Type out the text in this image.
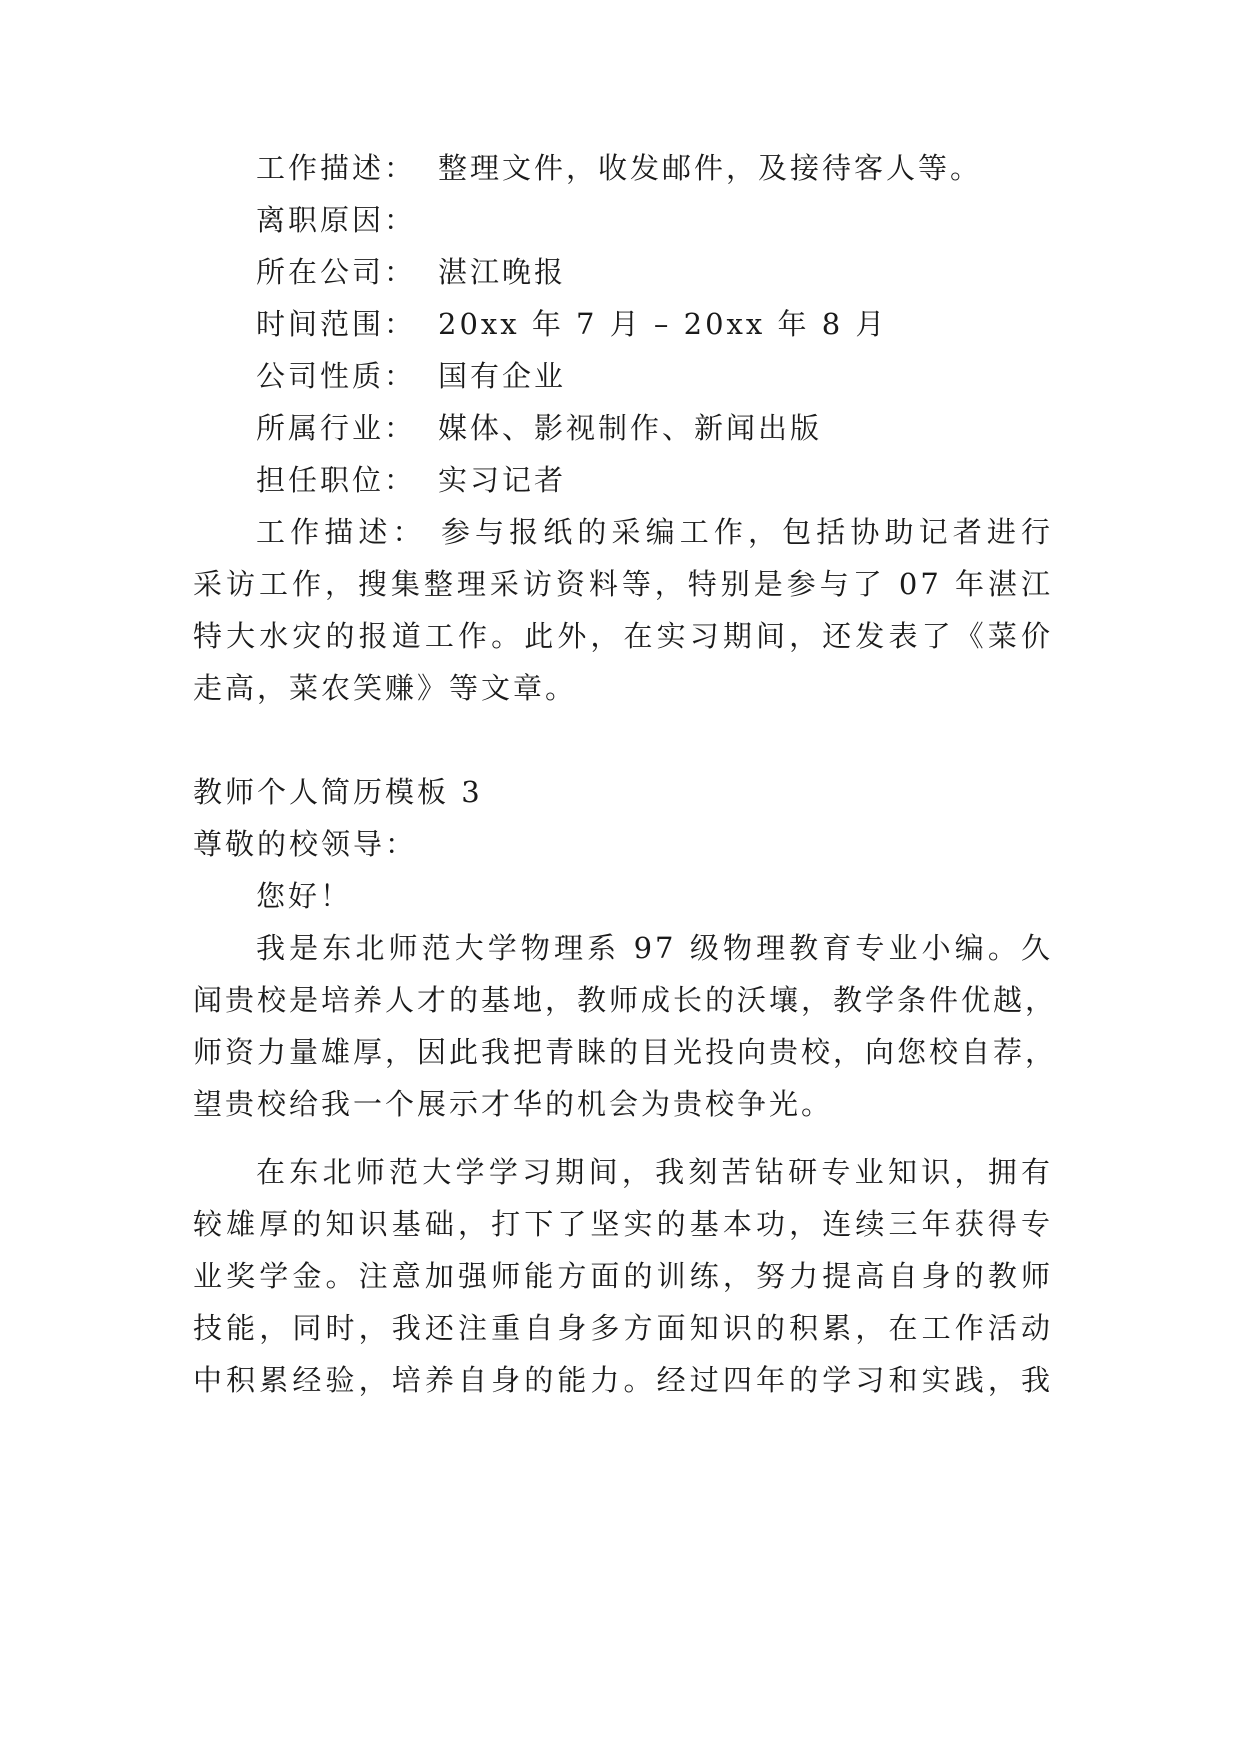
工作描述： 整理文件，收发邮件，及接待客人等。
离职原因：
所在公司： 湛江晚报
时间范围： 20xx 年 7 月 – 20xx 年 8 月
公司性质： 国有企业
所属行业： 媒体、影视制作、新闻出版
担任职位： 实习记者
工作描述： 参与报纸的采编工作，包括协助记者进行
采访工作，搜集整理采访资料等，特别是参与了 07 年湛江
特大水灾的报道工作。此外，在实习期间，还发表了《菜价
走高，菜农笑赚》等文章。
教师个人简历模板 3
尊敬的校领导：
您好！
我是东北师范大学物理系 97 级物理教育专业小编。久
闻贵校是培养人才的基地，教师成长的沃壤，教学条件优越，
师资力量雄厚，因此我把青睐的目光投向贵校，向您校自荐，
望贵校给我一个展示才华的机会为贵校争光。
在东北师范大学学习期间，我刻苦钻研专业知识，拥有
较雄厚的知识基础，打下了坚实的基本功，连续三年获得专
业奖学金。注意加强师能方面的训练，努力提高自身的教师
技能，同时，我还注重自身多方面知识的积累，在工作活动
中积累经验，培养自身的能力。经过四年的学习和实践，我
